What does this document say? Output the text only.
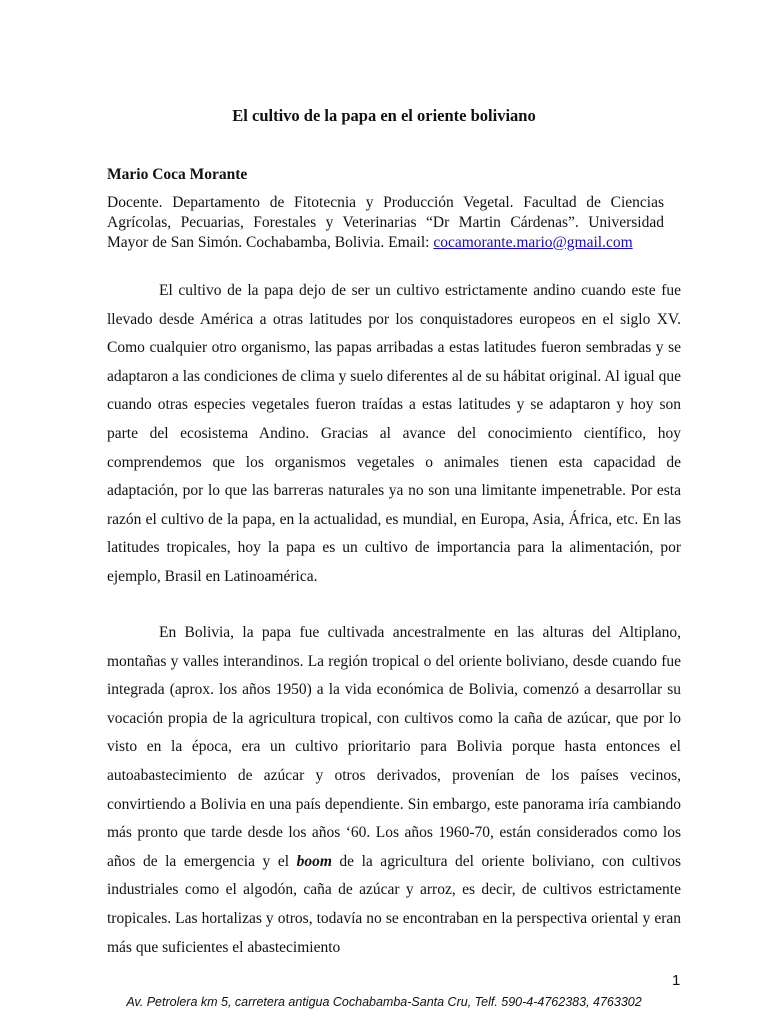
El cultivo de la papa en el oriente boliviano
Mario Coca Morante
Docente. Departamento de Fitotecnia y Producción Vegetal. Facultad de Ciencias Agrícolas, Pecuarias, Forestales y Veterinarias “Dr Martin Cárdenas”. Universidad Mayor de San Simón. Cochabamba, Bolivia. Email: cocamorante.mario@gmail.com
El cultivo de la papa dejo de ser un cultivo estrictamente andino cuando este fue llevado desde América a otras latitudes por los conquistadores europeos en el siglo XV. Como cualquier otro organismo, las papas arribadas a estas latitudes fueron sembradas y se adaptaron a las condiciones de clima y suelo diferentes al de su hábitat original. Al igual que cuando otras especies vegetales fueron traídas a estas latitudes y se adaptaron y hoy son parte del ecosistema Andino. Gracias al avance del conocimiento científico, hoy comprendemos que los organismos vegetales o animales tienen esta capacidad de adaptación, por lo que las barreras naturales ya no son una limitante impenetrable. Por esta razón el cultivo de la papa, en la actualidad, es mundial, en Europa, Asia, África, etc. En las latitudes tropicales, hoy la papa es un cultivo de importancia para la alimentación, por ejemplo, Brasil en Latinoamérica.
En Bolivia, la papa fue cultivada ancestralmente en las alturas del Altiplano, montañas y valles interandinos. La región tropical o del oriente boliviano, desde cuando fue integrada (aprox. los años 1950) a la vida económica de Bolivia, comenzó a desarrollar su vocación propia de la agricultura tropical, con cultivos como la caña de azúcar, que por lo visto en la época, era un cultivo prioritario para Bolivia porque hasta entonces el autoabastecimiento de azúcar y otros derivados, provenían de los países vecinos, convirtiendo a Bolivia en una país dependiente. Sin embargo, este panorama iría cambiando más pronto que tarde desde los años ‘60. Los años 1960-70, están considerados como los años de la emergencia y el boom de la agricultura del oriente boliviano, con cultivos industriales como el algodón, caña de azúcar y arroz, es decir, de cultivos estrictamente tropicales. Las hortalizas y otros, todavía no se encontraban en la perspectiva oriental y eran más que suficientes el abastecimiento
1
Av. Petrolera km 5, carretera antigua Cochabamba-Santa Cru, Telf. 590-4-4762383, 4763302
